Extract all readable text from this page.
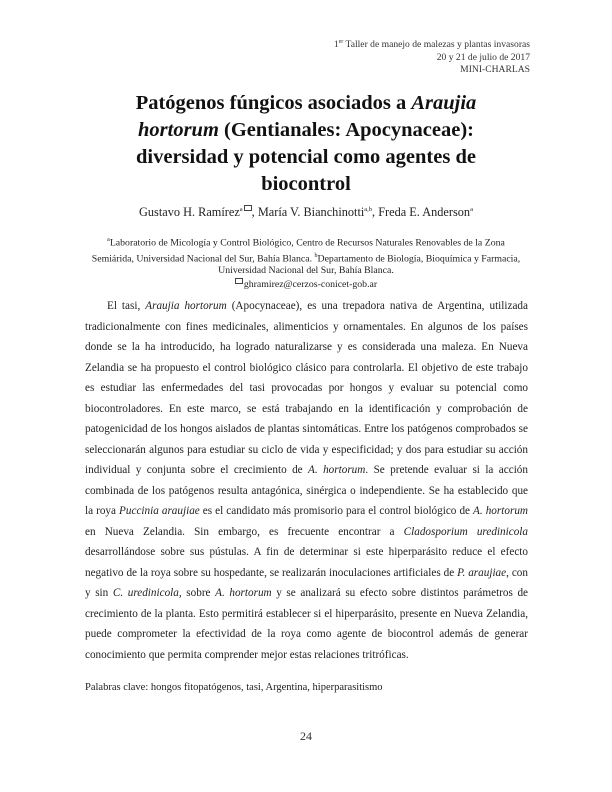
1er Taller de manejo de malezas y plantas invasoras
20 y 21 de julio de 2017
MINI-CHARLAS
Patógenos fúngicos asociados a Araujia hortorum (Gentianales: Apocynaceae): diversidad y potencial como agentes de biocontrol
Gustavo H. Ramírez$^a$ , María V. Bianchinotti$^{a,b}$, Freda E. Anderson$^a$
$^a$Laboratorio de Micología y Control Biológico, Centro de Recursos Naturales Renovables de la Zona Semiárida, Universidad Nacional del Sur, Bahía Blanca. $^b$Departamento de Biología, Bioquímica y Farmacia, Universidad Nacional del Sur, Bahía Blanca.
ghramirez@cerzos-conicet-gob.ar

El tasi, Araujia hortorum (Apocynaceae), es una trepadora nativa de Argentina, utilizada tradicionalmente con fines medicinales, alimenticios y ornamentales. En algunos de los países donde se la ha introducido, ha logrado naturalizarse y es considerada una maleza. En Nueva Zelandia se ha propuesto el control biológico clásico para controlarla. El objetivo de este trabajo es estudiar las enfermedades del tasi provocadas por hongos y evaluar su potencial como biocontroladores. En este marco, se está trabajando en la identificación y comprobación de patogenicidad de los hongos aislados de plantas sintomáticas. Entre los patógenos comprobados se seleccionarán algunos para estudiar su ciclo de vida y especificidad; y dos para estudiar su acción individual y conjunta sobre el crecimiento de A. hortorum. Se pretende evaluar si la acción combinada de los patógenos resulta antagónica, sinérgica o independiente. Se ha establecido que la roya Puccinia araujiae es el candidato más promisorio para el control biológico de A. hortorum en Nueva Zelandia. Sin embargo, es frecuente encontrar a Cladosporium uredinicola desarrollándose sobre sus pústulas. A fin de determinar si este hiperparásito reduce el efecto negativo de la roya sobre su hospedante, se realizarán inoculaciones artificiales de P. araujiae, con y sin C. uredinicola, sobre A. hortorum y se analizará su efecto sobre distintos parámetros de crecimiento de la planta. Esto permitirá establecer si el hiperparásito, presente en Nueva Zelandia, puede comprometer la efectividad de la roya como agente de biocontrol además de generar conocimiento que permita comprender mejor estas relaciones tritróficas.

Palabras clave: hongos fitopatógenos, tasi, Argentina, hiperparasitismo
24
